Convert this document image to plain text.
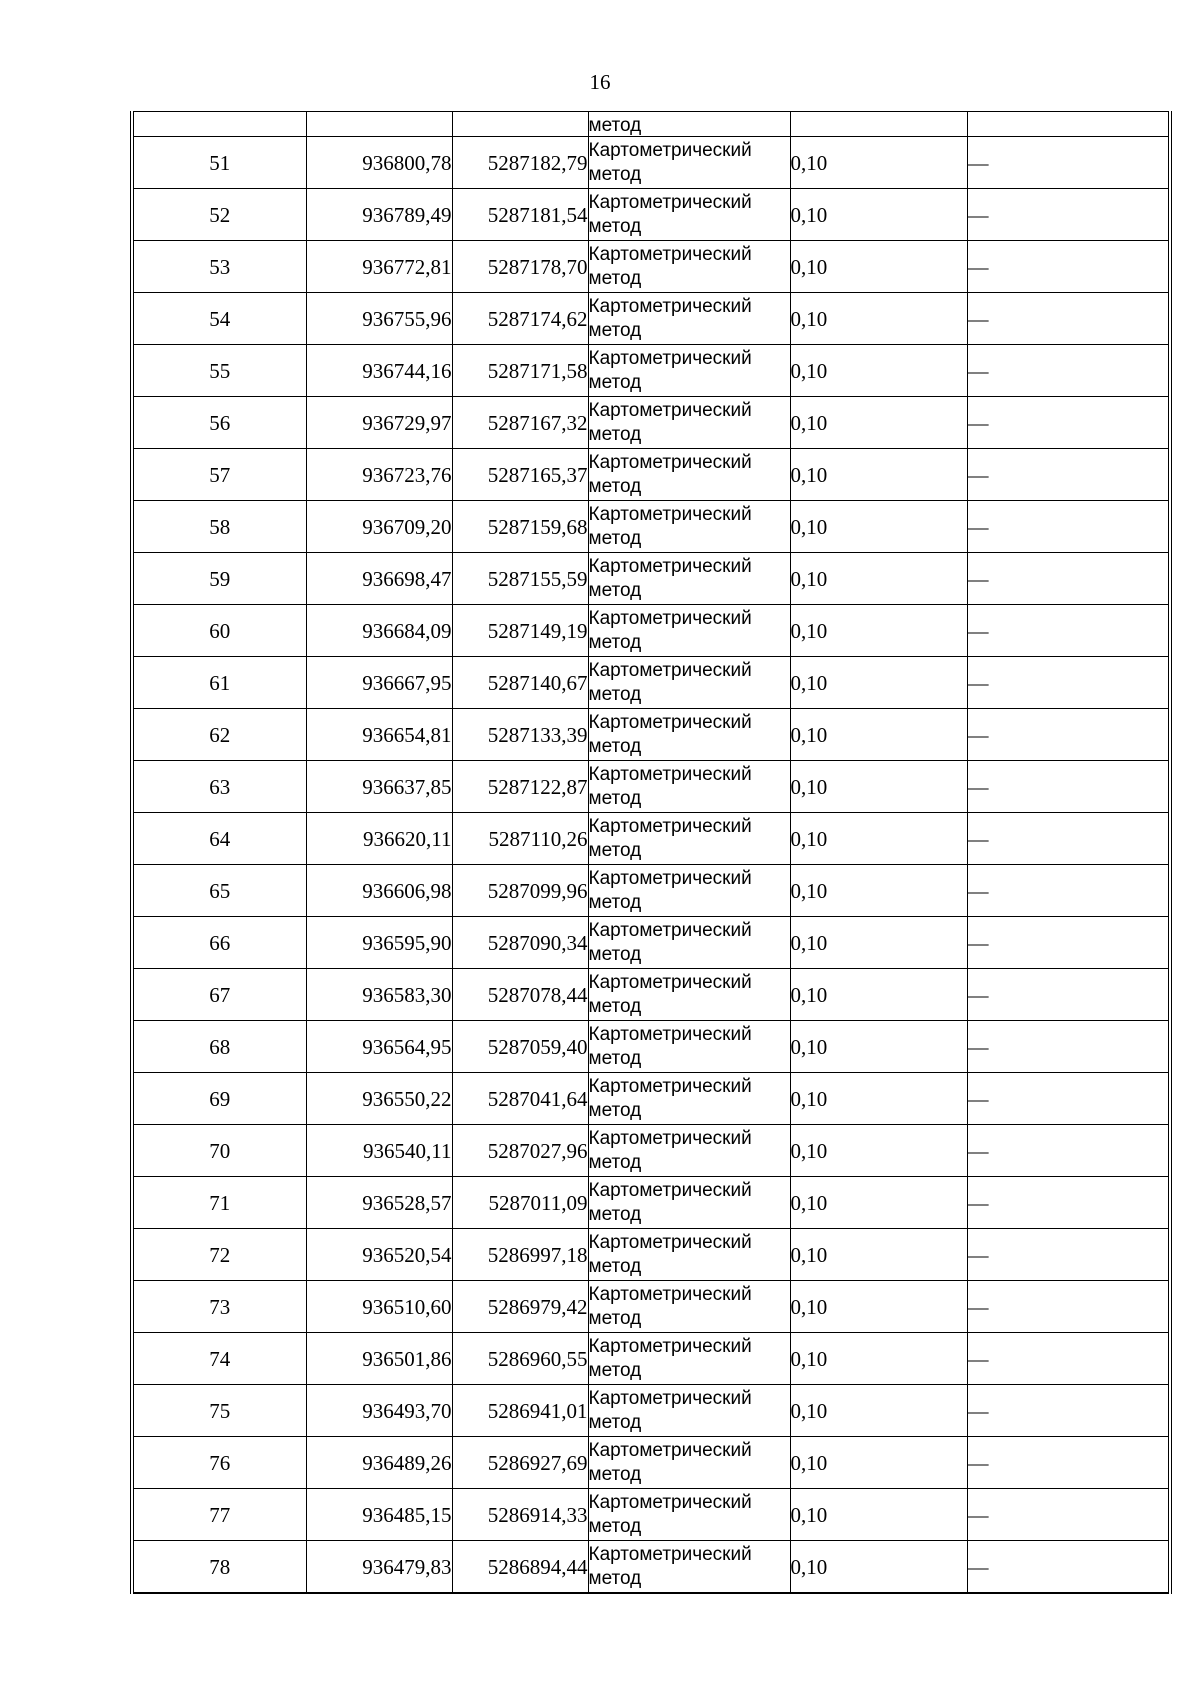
16

			метод		

51	936800,78	5287182,79	Картометрический
метод	0,10	—
52	936789,49	5287181,54	Картометрический
метод	0,10	—
53	936772,81	5287178,70	Картометрический
метод	0,10	—
54	936755,96	5287174,62	Картометрический
метод	0,10	—
55	936744,16	5287171,58	Картометрический
метод	0,10	—
56	936729,97	5287167,32	Картометрический
метод	0,10	—
57	936723,76	5287165,37	Картометрический
метод	0,10	—
58	936709,20	5287159,68	Картометрический
метод	0,10	—
59	936698,47	5287155,59	Картометрический
метод	0,10	—
60	936684,09	5287149,19	Картометрический
метод	0,10	—
61	936667,95	5287140,67	Картометрический
метод	0,10	—
62	936654,81	5287133,39	Картометрический
метод	0,10	—
63	936637,85	5287122,87	Картометрический
метод	0,10	—
64	936620,11	5287110,26	Картометрический
метод	0,10	—
65	936606,98	5287099,96	Картометрический
метод	0,10	—
66	936595,90	5287090,34	Картометрический
метод	0,10	—
67	936583,30	5287078,44	Картометрический
метод	0,10	—
68	936564,95	5287059,40	Картометрический
метод	0,10	—
69	936550,22	5287041,64	Картометрический
метод	0,10	—
70	936540,11	5287027,96	Картометрический
метод	0,10	—
71	936528,57	5287011,09	Картометрический
метод	0,10	—
72	936520,54	5286997,18	Картометрический
метод	0,10	—
73	936510,60	5286979,42	Картометрический
метод	0,10	—
74	936501,86	5286960,55	Картометрический
метод	0,10	—
75	936493,70	5286941,01	Картометрический
метод	0,10	—
76	936489,26	5286927,69	Картометрический
метод	0,10	—
77	936485,15	5286914,33	Картометрический
метод	0,10	—
78	936479,83	5286894,44	Картометрический
метод	0,10	—
